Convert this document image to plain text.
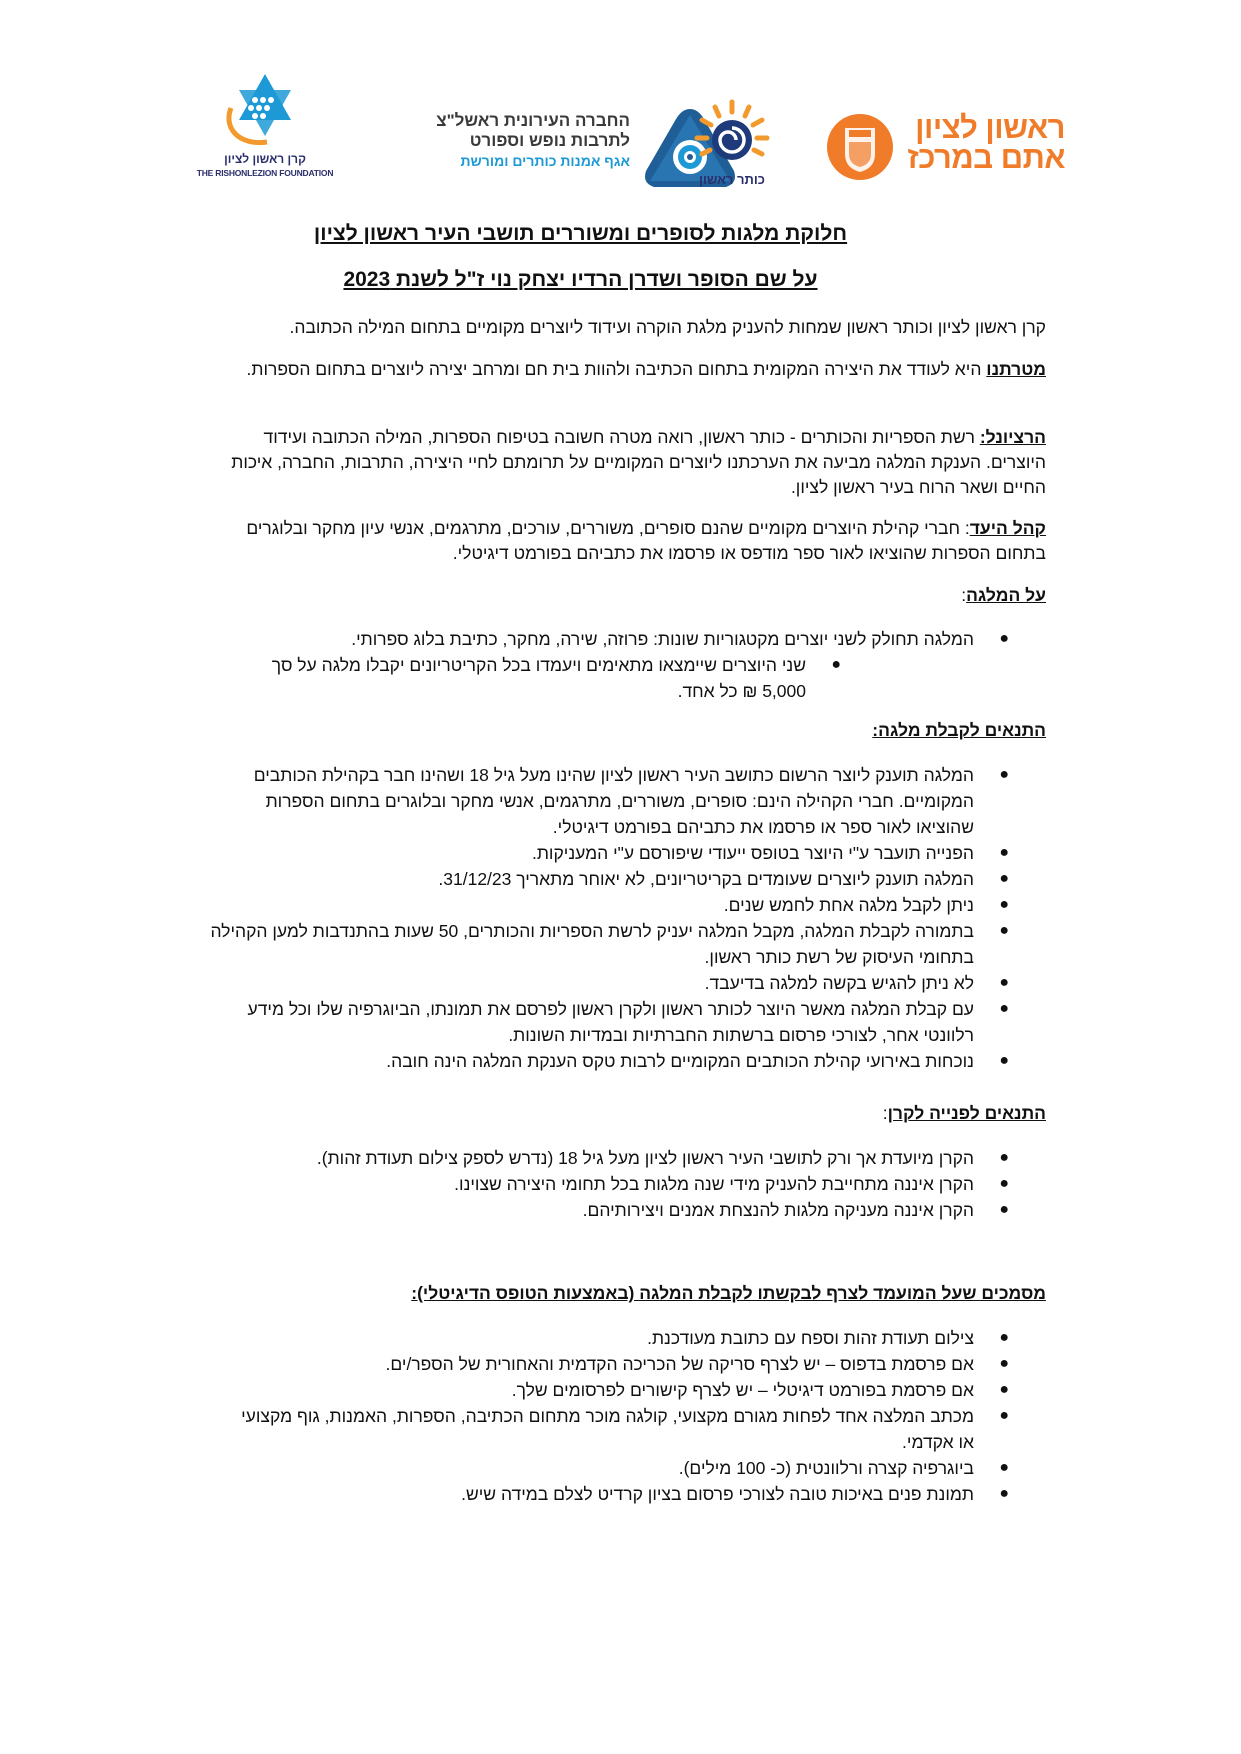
קרן ראשון לציון
THE RISHONLEZION FOUNDATION
החברה העירונית ראשל"צ
לתרבות נופש וספורט
אגף אמנות כותרים ומורשת
כותר ראשון
ראשון לציון
אתם במרכז
חלוקת מלגות לסופרים ומשוררים תושבי העיר ראשון לציון
על שם הסופר ושדרן הרדיו יצחק נוי ז"ל לשנת 2023
קרן ראשון לציון וכותר ראשון שמחות להעניק מלגת הוקרה ועידוד ליוצרים מקומיים בתחום המילה הכתובה.
מטרתנו היא לעודד את היצירה המקומית בתחום הכתיבה ולהוות בית חם ומרחב יצירה ליוצרים בתחום הספרות.
הרציונל: רשת הספריות והכותרים - כותר ראשון, רואה מטרה חשובה בטיפוח הספרות, המילה הכתובה ועידוד היוצרים. הענקת המלגה מביעה את הערכתנו ליוצרים המקומיים על תרומתם לחיי היצירה, התרבות, החברה, איכות החיים ושאר הרוח בעיר ראשון לציון.
קהל היעד: חברי קהילת היוצרים מקומיים שהנם סופרים, משוררים, עורכים, מתרגמים, אנשי עיון מחקר ובלוגרים בתחום הספרות שהוציאו לאור ספר מודפס או פרסמו את כתביהם בפורמט דיגיטלי.
על המלגה:
●
המלגה תחולק לשני יוצרים מקטגוריות שונות: פרוזה, שירה, מחקר, כתיבת בלוג ספרותי.
●
שני היוצרים שיימצאו מתאימים ויעמדו בכל הקריטריונים יקבלו מלגה על סך 5,000 ₪ כל אחד.
התנאים לקבלת מלגה:
●
המלגה תוענק ליוצר הרשום כתושב העיר ראשון לציון שהינו מעל גיל 18 ושהינו חבר בקהילת הכותבים המקומיים. חברי הקהילה הינם: סופרים, משוררים, מתרגמים, אנשי מחקר ובלוגרים בתחום הספרות שהוציאו לאור ספר או פרסמו את כתביהם בפורמט דיגיטלי.
●
הפנייה תועבר ע"י היוצר בטופס ייעודי שיפורסם ע"י המעניקות.
●
המלגה תוענק ליוצרים שעומדים בקריטריונים, לא יאוחר מתאריך 31/12/23.
●
ניתן לקבל מלגה אחת לחמש שנים.
●
בתמורה לקבלת המלגה, מקבל המלגה יעניק לרשת הספריות והכותרים, 50 שעות בהתנדבות למען הקהילה בתחומי העיסוק של רשת כותר ראשון.
●
לא ניתן להגיש בקשה למלגה בדיעבד.
●
עם קבלת המלגה מאשר היוצר לכותר ראשון ולקרן ראשון לפרסם את תמונתו, הביוגרפיה שלו וכל מידע רלוונטי אחר, לצורכי פרסום ברשתות החברתיות ובמדיות השונות.
●
נוכחות באירועי קהילת הכותבים המקומיים לרבות טקס הענקת המלגה הינה חובה.
התנאים לפנייה לקרן:
●
הקרן מיועדת אך ורק לתושבי העיר ראשון לציון מעל גיל 18 (נדרש לספק צילום תעודת זהות).
●
הקרן איננה מתחייבת להעניק מידי שנה מלגות בכל תחומי היצירה שצוינו.
●
הקרן איננה מעניקה מלגות להנצחת אמנים ויצירותיהם.
מסמכים שעל המועמד לצרף לבקשתו לקבלת המלגה (באמצעות הטופס הדיגיטלי):
●
צילום תעודת זהות וספח עם כתובת מעודכנת.
●
אם פרסמת בדפוס – יש לצרף סריקה של הכריכה הקדמית והאחורית של הספר/ים.
●
אם פרסמת בפורמט דיגיטלי – יש לצרף קישורים לפרסומים שלך.
●
מכתב המלצה אחד לפחות מגורם מקצועי, קולגה מוכר מתחום הכתיבה, הספרות, האמנות, גוף מקצועי או אקדמי.
●
ביוגרפיה קצרה ורלוונטית (כ- 100 מילים).
●
תמונת פנים באיכות טובה לצורכי פרסום בציון קרדיט לצלם במידה שיש.
